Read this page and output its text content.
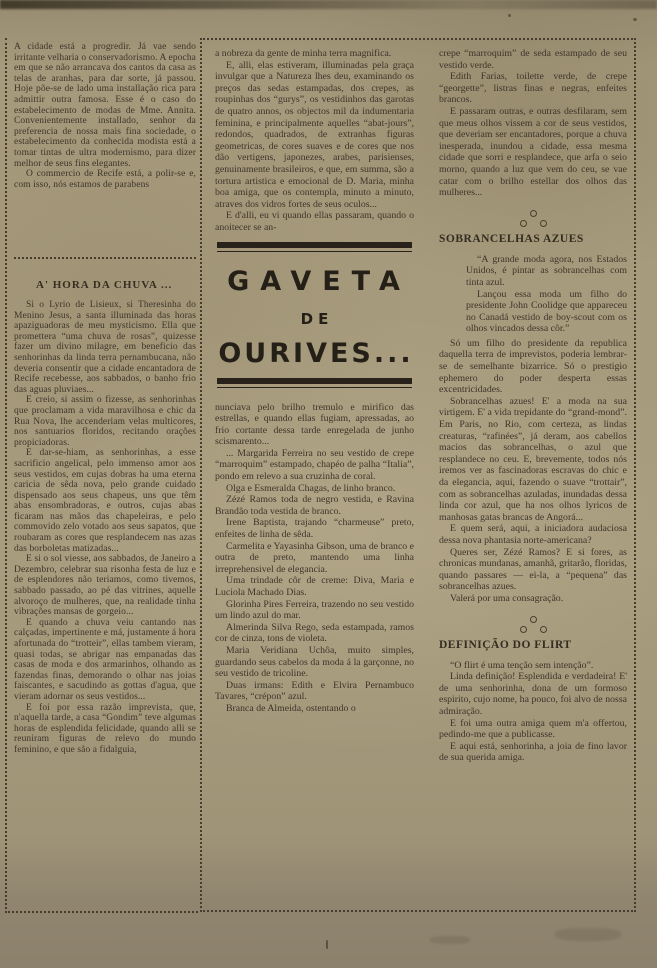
A cidade está a progredir. Já vae sendo irritante velharia o conservadorismo. A epocha em que se não arrancava dos cantos da casa as telas de aranhas, para dar sorte, já passou. Hoje põe-se de lado uma installação rica para admittir outra famosa. Esse é o caso do estabelecimento de modas de Mme. Annita. Convenientemente installado, senhor da preferencia de nossa mais fina sociedade, o estabelecimento da conhecida modista está a tomar tintas de ultra modernismo, para dizer melhor de seus fins elegantes.

O commercio de Recife está, a polir-se e, com isso, nós estamos de parabens

A' HORA DA CHUVA ...

Si o Lyrio de Lisieux, si Theresinha do Menino Jesus, a santa illuminada das horas apaziguadoras de meu mysticismo. Ella que promettera “uma chuva de rosas”, quizesse fazer um divino milagre, em beneficio das senhorinhas da linda terra pernambucana, não deveria consentir que a cidade encantadora de Recife recebesse, aos sabbados, o banho frio das aguas pluviaes...

E creio, si assim o fizesse, as senhorinhas que proclamam a vida maravilhosa e chic da Rua Nova, lhe accenderiam velas multicores, nos santuarios floridos, recitando orações propiciadoras.

E dar-se-hiam, as senhorinhas, a esse sacrificio angelical, pelo immenso amor aos seus vestidos, em cujas dobras ha uma eterna caricia de sêda nova, pelo grande cuidado dispensado aos seus chapeus, uns que têm abas ensombradoras, e outros, cujas abas ficaram nas mãos das chapeleiras, e pelo commovido zelo votado aos seus sapatos, que roubaram as cores que resplandecem nas azas das borboletas matizadas...

E si o sol viesse, aos sabbados, de Janeiro a Dezembro, celebrar sua risonha festa de luz e de esplendores não teriamos, como tivemos, sabbado passado, ao pé das vitrines, aquelle alvoroço de mulheres, que, na realidade tinha vibrações mansas de gorgeio...

E quando a chuva veiu cantando nas calçadas, impertinente e má, justamente á hora afortunada do “trotteir”, ellas tambem vieram, quasi todas, se abrigar nas empanadas das casas de moda e dos armarinhos, olhando as fazendas finas, demorando o olhar nas joias faiscantes, e sacudindo as gottas d'agua, que vieram adornar os seus vestidos...

E foi por essa razão imprevista, que, n'aquella tarde, a casa “Gondim” teve algumas horas de esplendida felicidade, quando alli se reuniram figuras de relevo do mundo feminino, e que são a fidalguia,

a nobreza da gente de minha terra magnifica.

E, alli, elas estiveram, illuminadas pela graça invulgar que a Natureza lhes deu, examinando os preços das sedas estampadas, dos crepes, as roupinhas dos “gurys”, os vestidinhos das garotas de quatro annos, os objectos mil da indumentaria feminina, e principalmente aquelles “abat-jours”, redondos, quadrados, de extranhas figuras geometricas, de cores suaves e de cores que nos dão vertigens, japonezes, arabes, parisienses, genuinamente brasileiros, e que, em summa, são a tortura artistica e emocional de D. Maria, minha boa amiga, que os contempla, minuto a minuto, atraves dos vidros fortes de seus oculos...

E d'alli, eu vi quando ellas passaram, quando o anoitecer se an-

GAVETA
DE
OURIVES...

nunciava pelo brilho tremulo e mirifico das estrellas, e quando ellas fugiam, apressadas, ao frio cortante dessa tarde enregelada de junho scismarento...

... Margarida Ferreira no seu vestido de crepe “marroquim” estampado, chapéo de palha “Italia”, pondo em relevo a sua cruzinha de coral.

Olga e Esmeralda Chagas, de linho branco.

Zézé Ramos toda de negro vestida, e Ravina Brandão toda vestida de branco.

Irene Baptista, trajando “charmeuse” preto, enfeites de linha de sêda.

Carmelita e Yayasinha Gibson, uma de branco e outra de preto, mantendo uma linha irreprehensivel de elegancia.

Uma trindade côr de creme: Diva, Maria e Luciola Machado Dias.

Glorinha Pires Ferreira, trazendo no seu vestido um lindo azul do mar.

Almerinda Silva Rego, seda estampada, ramos cor de cinza, tons de violeta.

Maria Veridiana Uchôa, muito simples, guardando seus cabelos da moda á la garçonne, no seu vestido de tricoline.

Duas irmans: Edith e Elvira Pernambuco Tavares, “crépon” azul.

Branca de Almeida, ostentando o

crepe “marroquim” de seda estampado de seu vestido verde.

Edith Farias, toilette verde, de crepe “georgette”, listras finas e negras, enfeites brancos.

E passaram outras, e outras desfilaram, sem que meus olhos vissem a cor de seus vestidos, que deveriam ser encantadores, porque a chuva inesperada, inundou a cidade, essa mesma cidade que sorri e resplandece, que arfa o seio morno, quando a luz que vem do ceu, se vae catar com o brilho estellar dos olhos das mulheres...

SOBRANCELHAS AZUES

“A grande moda agora, nos Estados Unidos, é pintar as sobrancelhas com tinta azul.

Lançou essa moda um filho do presidente John Coolidge que appareceu no Canadá vestido de boy-scout com os olhos vincados dessa côr.”

Só um filho do presidente da republica daquella terra de imprevistos, poderia lembrar-se de semelhante bizarrice. Só o prestigio ephemero do poder desperta essas excentricidades.

Sobrancelhas azues! E' a moda na sua virtigem. E' a vida trepidante do “grand-mond”. Em Paris, no Rio, com certeza, as lindas creaturas, “rafinées”, já deram, aos cabellos macios das sobrancelhas, o azul que resplandece no ceu. E, brevemente, todos nós iremos ver as fascinadoras escravas do chic e da elegancia, aqui, fazendo o suave “trottair”, com as sobrancelhas azuladas, inundadas dessa linda cor azul, que ha nos olhos lyricos de manhosas gatas brancas de Angorá...

E quem será, aqui, a iniciadora audaciosa dessa nova phantasia norte-americana?

Queres ser, Zézé Ramos? E si fores, as chronicas mundanas, amanhã, gritarão, floridas, quando passares — ei-la, a “pequena” das sobrancelhas azues.

Valerá por uma consagração.

DEFINIÇÃO DO FLIRT

“O flirt é uma tenção sem intenção”.

Linda definição! Esplendida e verdadeira! E' de uma senhorinha, dona de um formoso espirito, cujo nome, ha pouco, foi alvo de nossa admiração.

E foi uma outra amiga quem m'a offertou, pedindo-me que a publicasse.

E aqui está, senhorinha, a joia de fino lavor de sua querida amiga.
